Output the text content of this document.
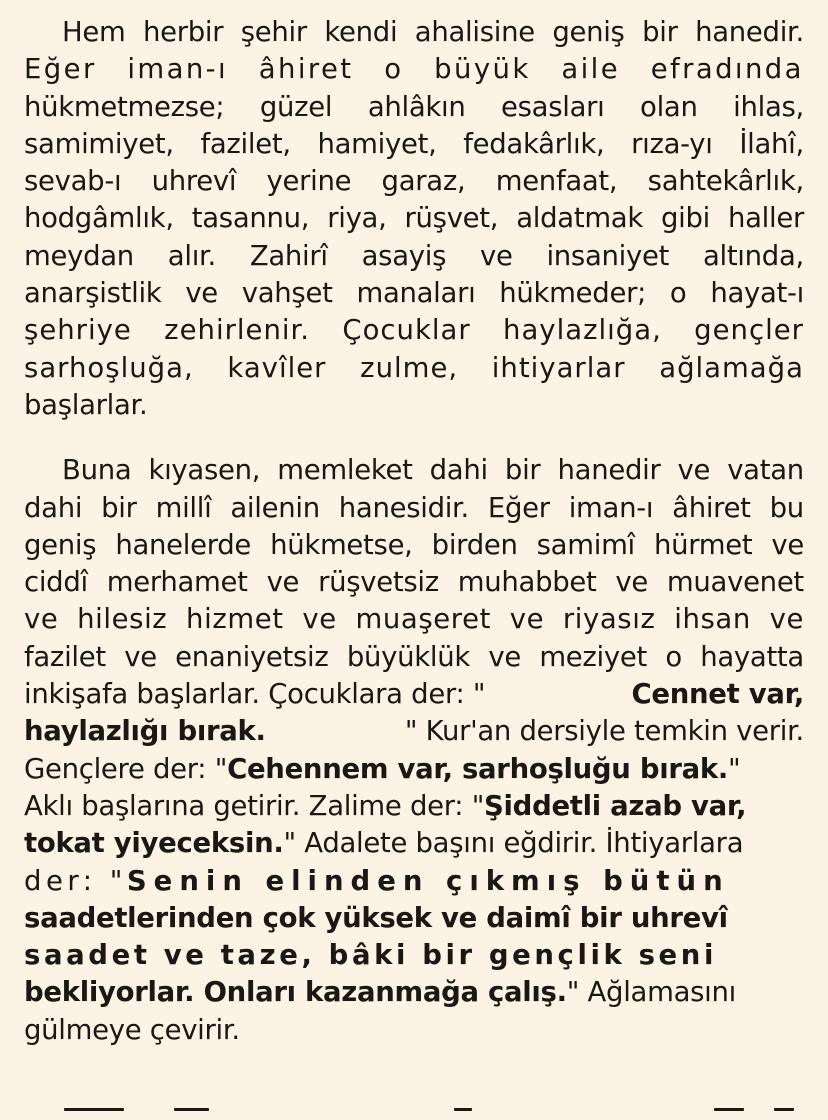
Hem herbir şehir kendi ahalisine geniş bir hanedir.
Eğer iman-ı âhiret o büyük aile efradında
hükmetmezse; güzel ahlâkın esasları olan ihlas,
samimiyet, fazilet, hamiyet, fedakârlık, rıza-yı İlahî,
sevab-ı uhrevî yerine garaz, menfaat, sahtekârlık,
hodgâmlık, tasannu, riya, rüşvet, aldatmak gibi haller
meydan alır. Zahirî asayiş ve insaniyet altında,
anarşistlik ve vahşet manaları hükmeder; o hayat-ı
şehriye zehirlenir. Çocuklar haylazlığa, gençler
sarhoşluğa, kavîler zulme, ihtiyarlar ağlamağa
başlarlar.
Buna kıyasen, memleket dahi bir hanedir ve vatan
dahi bir millî ailenin hanesidir. Eğer iman-ı âhiret bu
geniş hanelerde hükmetse, birden samimî hürmet ve
ciddî merhamet ve rüşvetsiz muhabbet ve muavenet
ve hilesiz hizmet ve muaşeret ve riyasız ihsan ve
fazilet ve enaniyetsiz büyüklük ve meziyet o hayatta
inkişafa başlarlar. Çocuklara der: "	Cennet var,
haylazlığı bırak.	" Kur'an dersiyle temkin verir.
Gençlere der: "Cehennem var, sarhoşluğu bırak."
Aklı başlarına getirir. Zalime der: "Şiddetli azab var,
tokat yiyeceksin." Adalete başını eğdirir. İhtiyarlara
der: "Senin elinden çıkmış bütün
saadetlerinden çok yüksek ve daimî bir uhrevî
saadet ve taze, bâki bir gençlik seni
bekliyorlar. Onları kazanmağa çalış." Ağlamasını
gülmeye çevirir.
